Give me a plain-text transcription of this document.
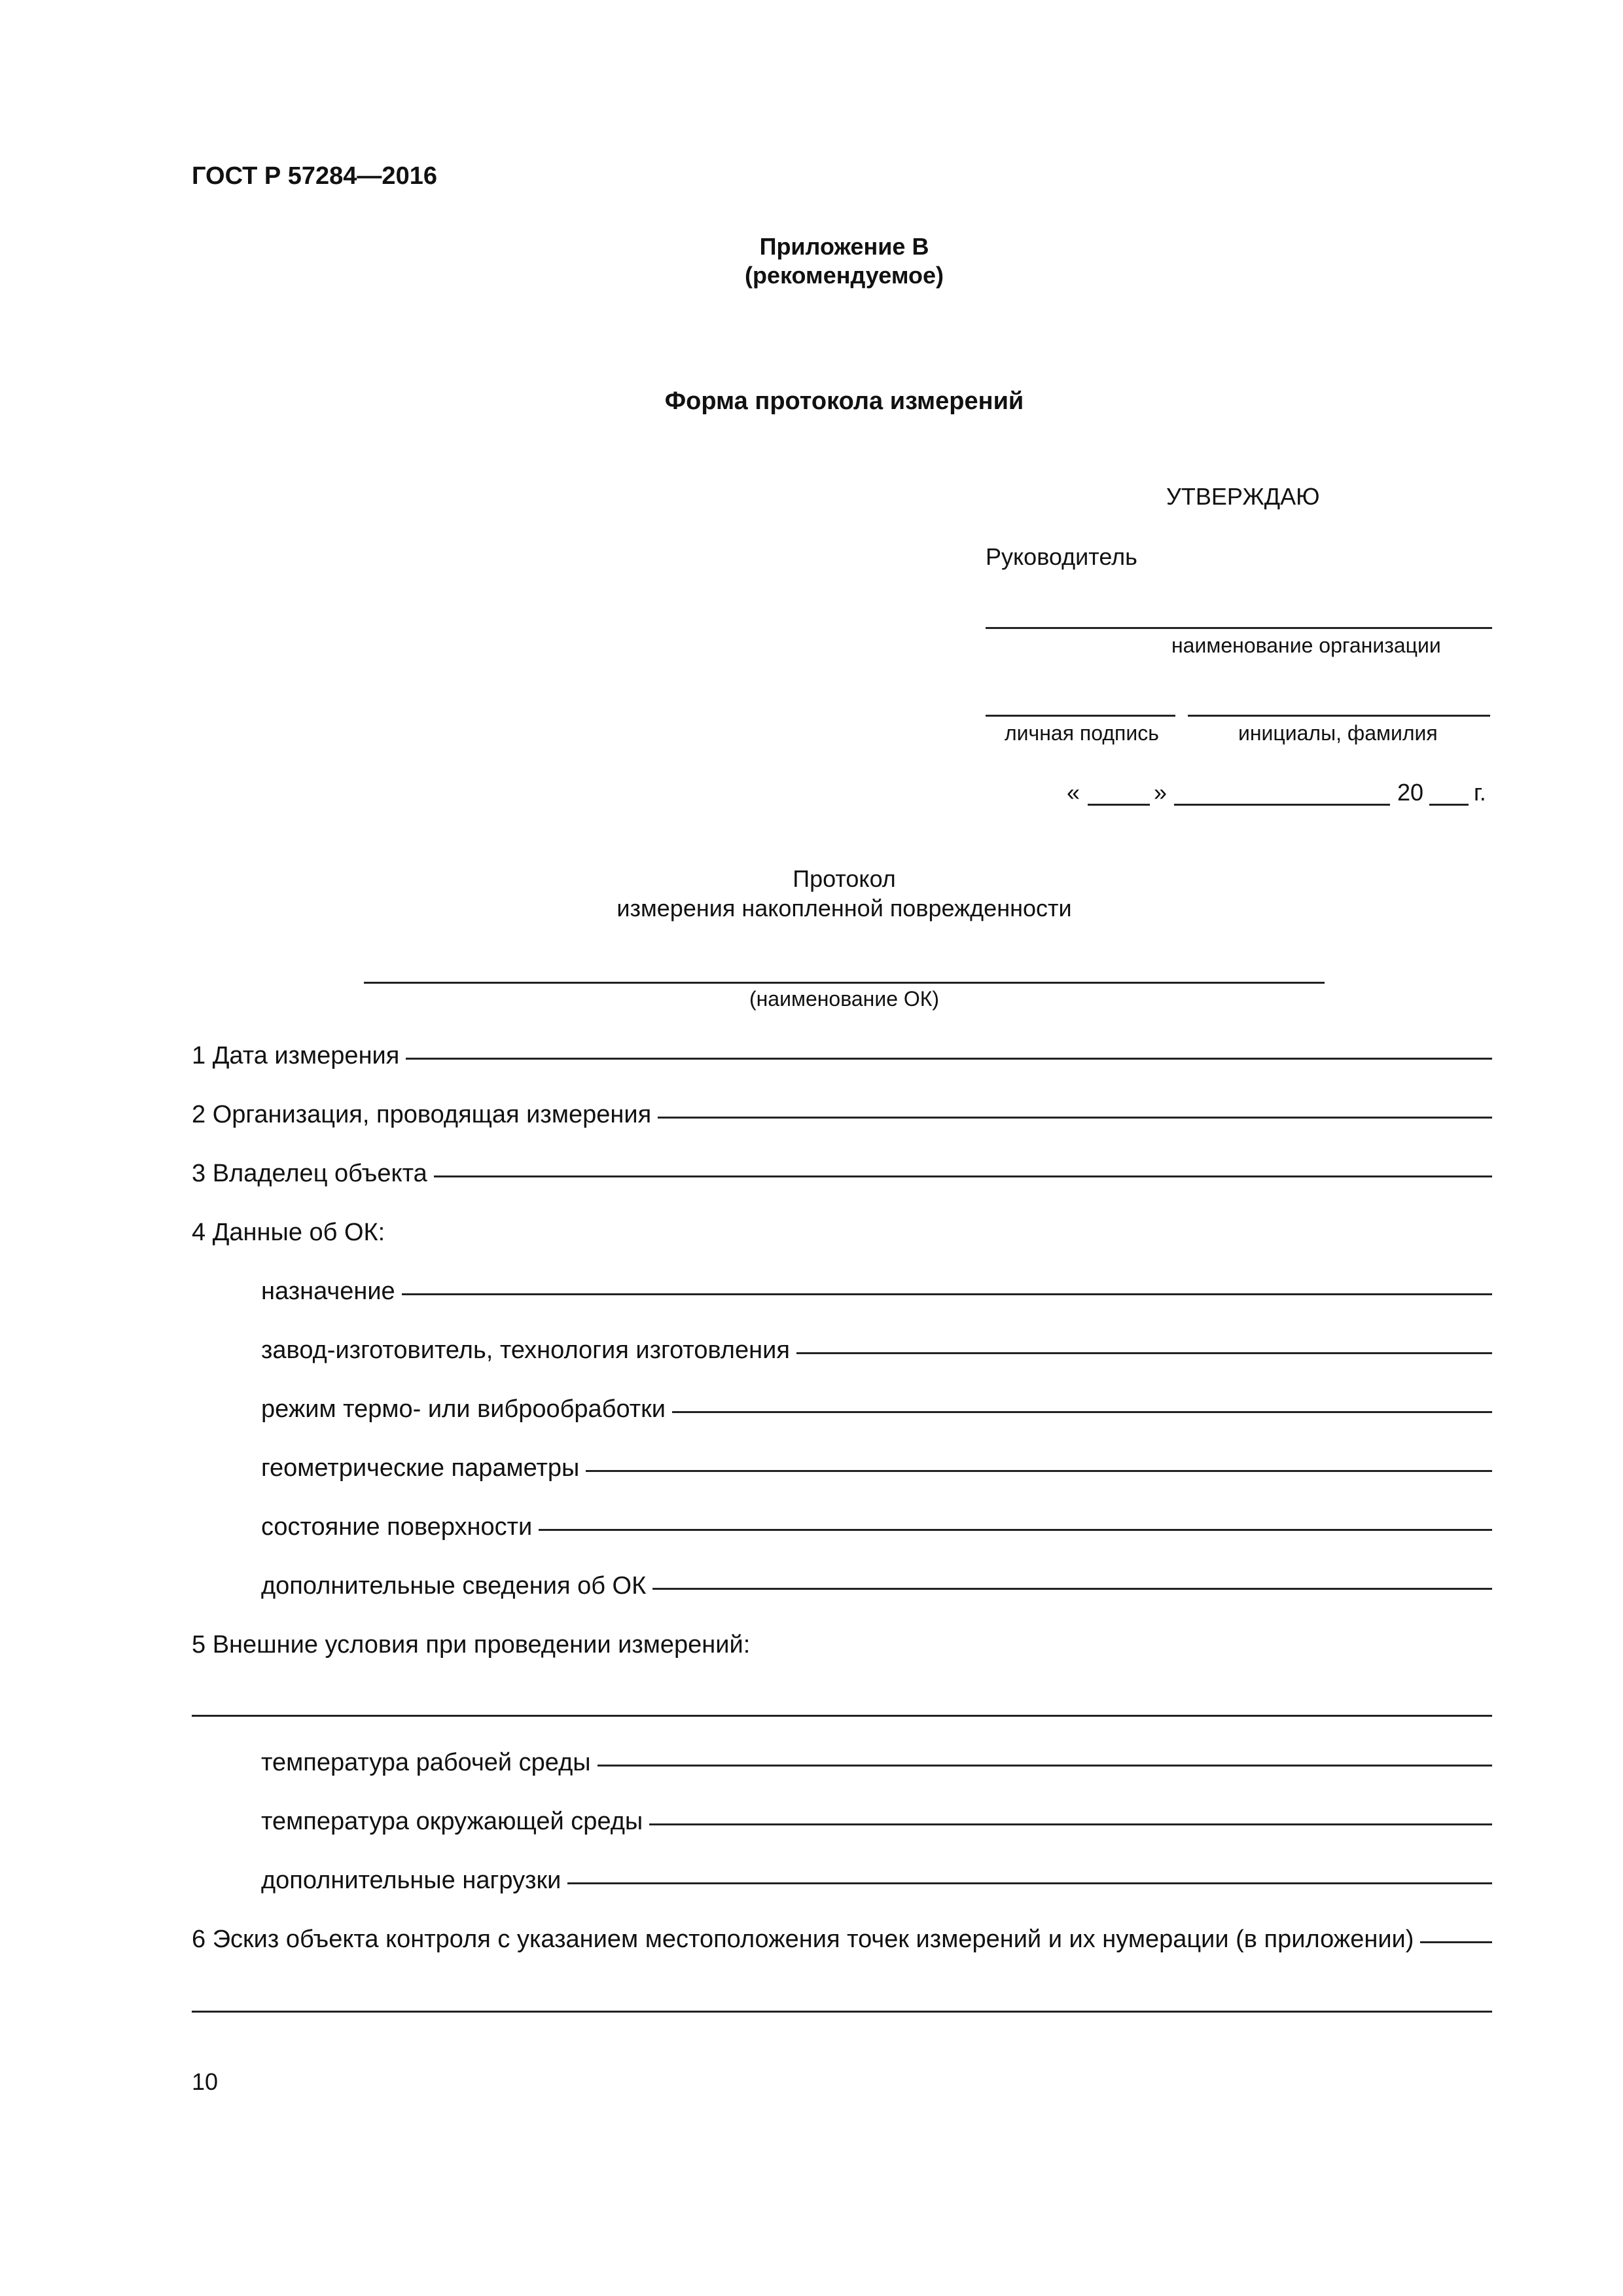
ГОСТ Р 57284—2016
Приложение В
(рекомендуемое)
Форма протокола измерений
УТВЕРЖДАЮ
Руководитель
наименование организации
личная подпись	инициалы, фамилия
«	»	20 г.
Протокол
измерения накопленной поврежденности
(наименование ОК)
1 Дата измерения
2 Организация, проводящая измерения
3 Владелец объекта
4 Данные об ОК:
назначение
завод-изготовитель, технология изготовления
режим термо- или виброобработки
геометрические параметры
состояние поверхности
дополнительные сведения об ОК
5 Внешние условия при проведении измерений:
температура рабочей среды
температура окружающей среды
дополнительные нагрузки
6 Эскиз объекта контроля с указанием местоположения точек измерений и их нумерации (в приложении)
10
